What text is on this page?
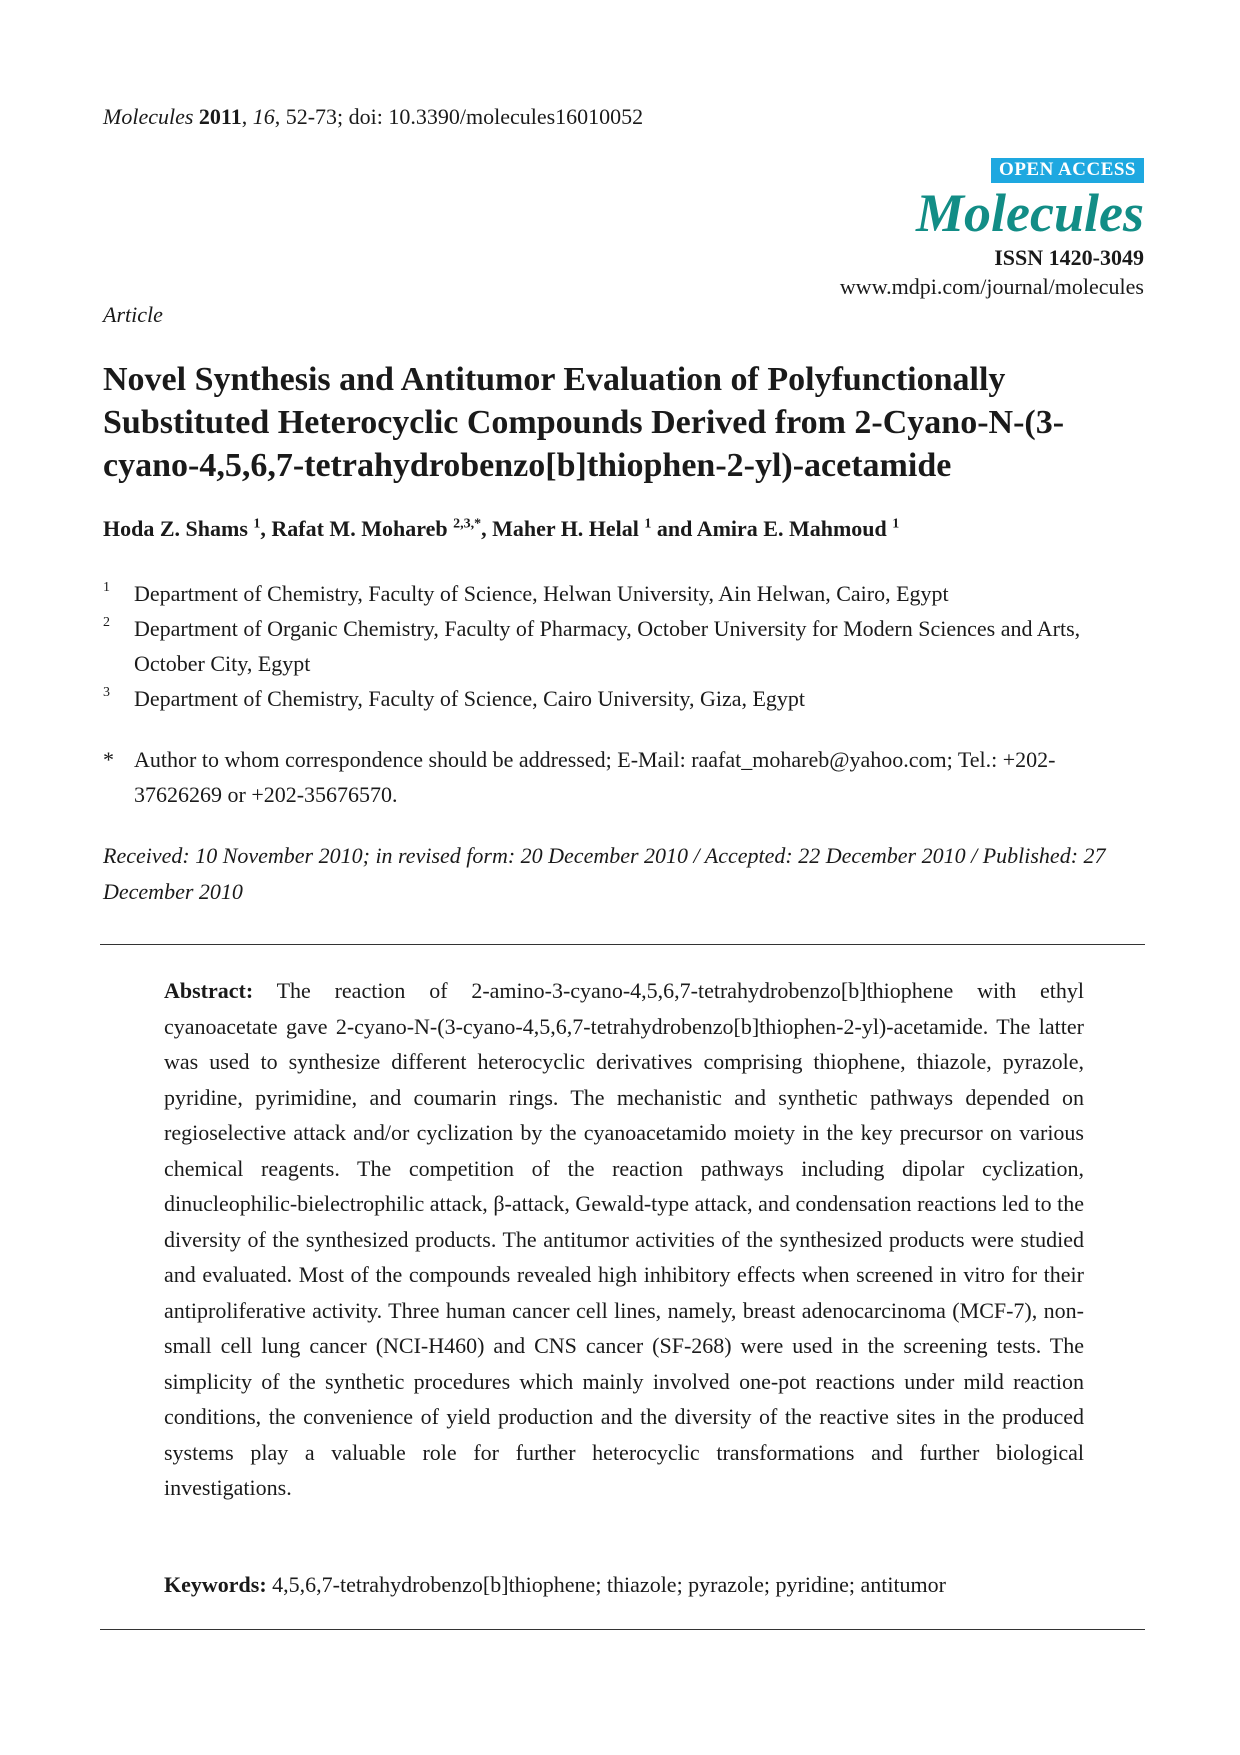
Molecules 2011, 16, 52-73; doi: 10.3390/molecules16010052
OPEN ACCESS
Molecules
ISSN 1420-3049
www.mdpi.com/journal/molecules
Article
Novel Synthesis and Antitumor Evaluation of Polyfunctionally Substituted Heterocyclic Compounds Derived from 2-Cyano-N-(3-cyano-4,5,6,7-tetrahydrobenzo[b]thiophen-2-yl)-acetamide
Hoda Z. Shams $^1$, Rafat M. Mohareb $^{2,3,*}$, Maher H. Helal $^1$ and Amira E. Mahmoud $^1$
1 Department of Chemistry, Faculty of Science, Helwan University, Ain Helwan, Cairo, Egypt
2 Department of Organic Chemistry, Faculty of Pharmacy, October University for Modern Sciences and Arts, October City, Egypt
3 Department of Chemistry, Faculty of Science, Cairo University, Giza, Egypt
* Author to whom correspondence should be addressed; E-Mail: raafat_mohareb@yahoo.com; Tel.: +202-37626269 or +202-35676570.
Received: 10 November 2010; in revised form: 20 December 2010 / Accepted: 22 December 2010 / Published: 27 December 2010
Abstract: The reaction of 2-amino-3-cyano-4,5,6,7-tetrahydrobenzo[b]thiophene with ethyl cyanoacetate gave 2-cyano-N-(3-cyano-4,5,6,7-tetrahydrobenzo[b]thiophen-2-yl)-acetamide. The latter was used to synthesize different heterocyclic derivatives comprising thiophene, thiazole, pyrazole, pyridine, pyrimidine, and coumarin rings. The mechanistic and synthetic pathways depended on regioselective attack and/or cyclization by the cyanoacetamido moiety in the key precursor on various chemical reagents. The competition of the reaction pathways including dipolar cyclization, dinucleophilic-bielectrophilic attack, β-attack, Gewald-type attack, and condensation reactions led to the diversity of the synthesized products. The antitumor activities of the synthesized products were studied and evaluated. Most of the compounds revealed high inhibitory effects when screened in vitro for their antiproliferative activity. Three human cancer cell lines, namely, breast adenocarcinoma (MCF-7), non-small cell lung cancer (NCI-H460) and CNS cancer (SF-268) were used in the screening tests. The simplicity of the synthetic procedures which mainly involved one-pot reactions under mild reaction conditions, the convenience of yield production and the diversity of the reactive sites in the produced systems play a valuable role for further heterocyclic transformations and further biological investigations.
Keywords: 4,5,6,7-tetrahydrobenzo[b]thiophene; thiazole; pyrazole; pyridine; antitumor
